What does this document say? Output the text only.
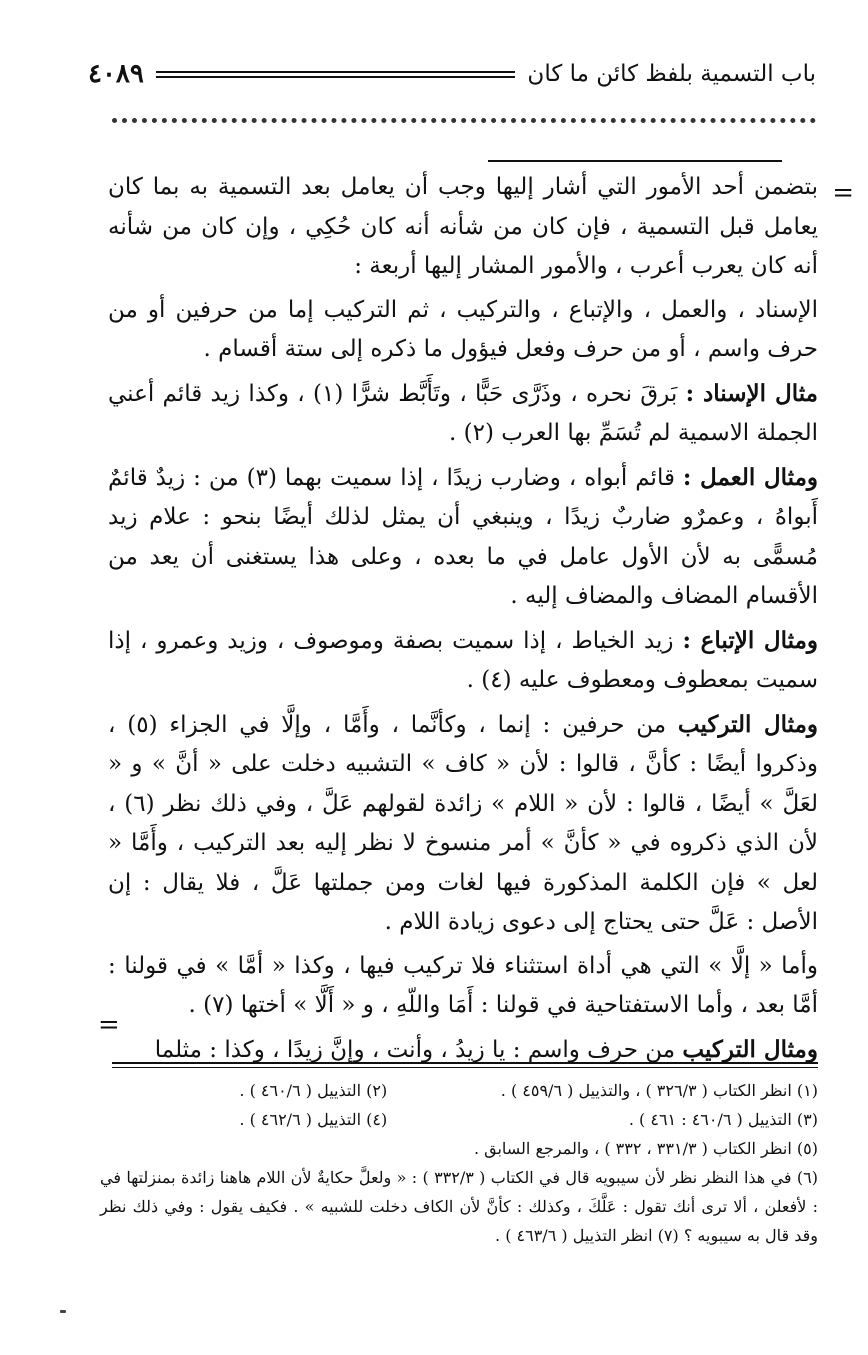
باب التسمية بلفظ كائن ما كان
٤٠٨٩
=

بتضمن أحد الأمور التي أشار إليها وجب أن يعامل بعد التسمية به بما كان يعامل قبل التسمية ، فإن كان من شأنه أنه كان حُكِي ، وإن كان من شأنه أنه كان يعرب أعرب ، والأمور المشار إليها أربعة :

الإسناد ، والعمل ، والإتباع ، والتركيب ، ثم التركيب إما من حرفين أو من حرف واسم ، أو من حرف وفعل فيؤول ما ذكره إلى ستة أقسام .

مثال الإسناد : بَرقَ نحره ، وذَرَّى حَبًّا ، وتَأَبَّط شرًّا (١) ، وكذا زيد قائم أعني الجملة الاسمية لم تُسَمِّ بها العرب (٢) .

ومثال العمل : قائم أبواه ، وضارب زيدًا ، إذا سميت بهما (٣) من : زيدٌ قائمٌ أَبواهُ ، وعمرٌو ضاربٌ زيدًا ، وينبغي أن يمثل لذلك أيضًا بنحو : علام زيد مُسمًّى به لأن الأول عامل في ما بعده ، وعلى هذا يستغنى أن يعد من الأقسام المضاف والمضاف إليه .

ومثال الإتباع : زيد الخياط ، إذا سميت بصفة وموصوف ، وزيد وعمرو ، إذا سميت بمعطوف ومعطوف عليه (٤) .

ومثال التركيب من حرفين : إنما ، وكأنَّما ، وأَمَّا ، وإلَّا في الجزاء (٥) ، وذكروا أيضًا : كأنَّ ، قالوا : لأن « كاف » التشبيه دخلت على « أنَّ » و « لعَلَّ » أيضًا ، قالوا : لأن « اللام » زائدة لقولهم عَلَّ ، وفي ذلك نظر (٦) ، لأن الذي ذكروه في « كأنَّ » أمر منسوخ لا نظر إليه بعد التركيب ، وأَمَّا « لعل » فإن الكلمة المذكورة فيها لغات ومن جملتها عَلَّ ، فلا يقال : إن الأصل : عَلَّ حتى يحتاج إلى دعوى زيادة اللام .

وأما « إلَّا » التي هي أداة استثناء فلا تركيب فيها ، وكذا « أمَّا » في قولنا : أمَّا بعد ، وأما الاستفتاحية في قولنا : أَمَا واللّهِ ، و « أَلَّا » أختها (٧) .

ومثال التركيب من حرف واسم : يا زيدُ ، وأنت ، وإنَّ زيدًا ، وكذا : مثلما

=
(١) انظر الكتاب ( ٣٢٦/٣ ) ، والتذييل ( ٤٥٩/٦ ) .
(٢) التذييل ( ٤٦٠/٦ ) .
(٣) التذييل ( ٤٦٠/٦ : ٤٦١ ) .
(٤) التذييل ( ٤٦٢/٦ ) .
(٥) انظر الكتاب ( ٣٣١/٣ ، ٣٣٢ ) ، والمرجع السابق .
(٦) في هذا النظر نظر لأن سيبويه قال في الكتاب ( ٣٣٢/٣ ) : « ولعلَّ حكايةٌ لأن اللام هاهنا زائدة بمنزلتها في : لأفعلن ، ألا ترى أنك تقول : عَلَّكَ ، وكذلك : كأنَّ لأن الكاف دخلت للشبيه » . فكيف يقول : وفي ذلك نظر وقد قال به سيبويه ؟ (٧) انظر التذييل ( ٤٦٣/٦ ) .
